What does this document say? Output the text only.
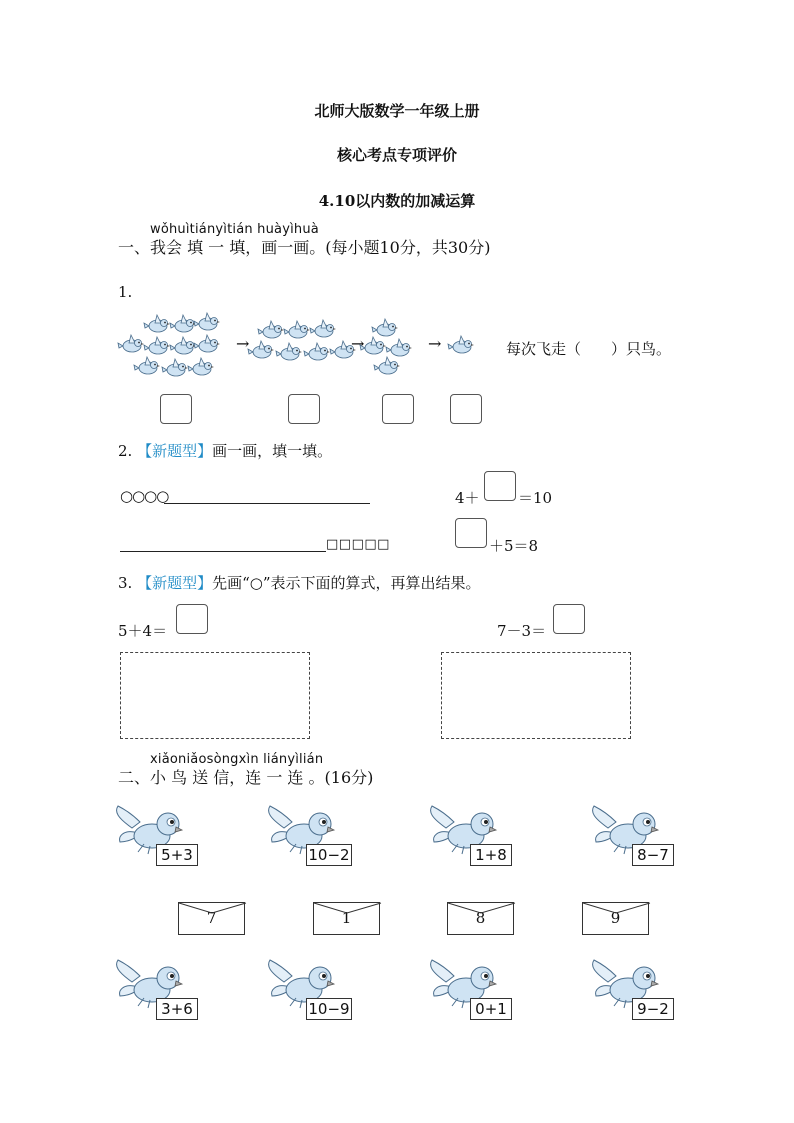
北师大版数学一年级上册
核心考点专项评价
4.10以内数的加减运算
wǒhuìtiányìtián huàyìhuà
一、我会 填 一 填，画一画。(每小题10分，共30分)
1.
→	→	→	每次飞走（　　）只鸟。
2. 【新题型】画一画，填一填。
○○○○	4＋	＝10
□□□□□	＋5＝8
3. 【新题型】先画“○”表示下面的算式，再算出结果。
5＋4＝	7－3＝
xiǎoniǎosòngxìn liányìlián
二、小 鸟 送 信，连 一 连 。(16分)
5+3	10−2	1+8	8−7
7	1	8	9
3+6	10−9	0+1	9−2
